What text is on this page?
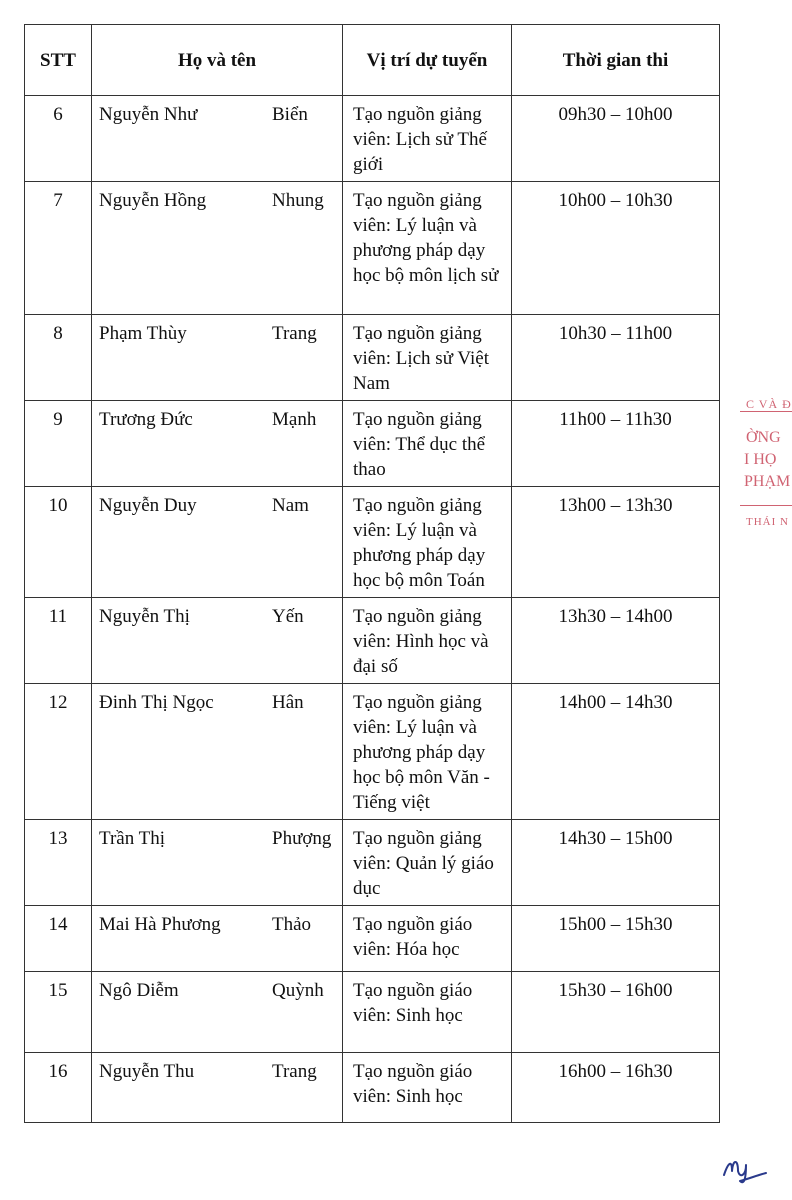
STT	Họ và tên	Vị trí dự tuyển	Thời gian thi
6	Nguyễn Như Biển	Tạo nguồn giảng viên: Lịch sử Thế giới	09h30 – 10h00
7	Nguyễn Hồng Nhung	Tạo nguồn giảng viên: Lý luận và phương pháp dạy học bộ môn lịch sử	10h00 – 10h30
8	Phạm Thùy Trang	Tạo nguồn giảng viên: Lịch sử Việt Nam	10h30 – 11h00
9	Trương Đức Mạnh	Tạo nguồn giảng viên: Thể dục thể thao	11h00 – 11h30
10	Nguyễn Duy Nam	Tạo nguồn giảng viên: Lý luận và phương pháp dạy học bộ môn Toán	13h00 – 13h30
11	Nguyễn Thị Yến	Tạo nguồn giảng viên: Hình học và đại số	13h30 – 14h00
12	Đinh Thị Ngọc Hân	Tạo nguồn giảng viên: Lý luận và phương pháp dạy học bộ môn Văn - Tiếng việt	14h00 – 14h30
13	Trần Thị Phượng	Tạo nguồn giảng viên: Quản lý giáo dục	14h30 – 15h00
14	Mai Hà Phương Thảo	Tạo nguồn giáo viên: Hóa học	15h00 – 15h30
15	Ngô Diễm Quỳnh	Tạo nguồn giáo viên: Sinh học	15h30 – 16h00
16	Nguyễn Thu Trang	Tạo nguồn giáo viên: Sinh học	16h00 – 16h30
C VÀ Đ
ỜNG
I HỌ
PHẠM
THÁI N
